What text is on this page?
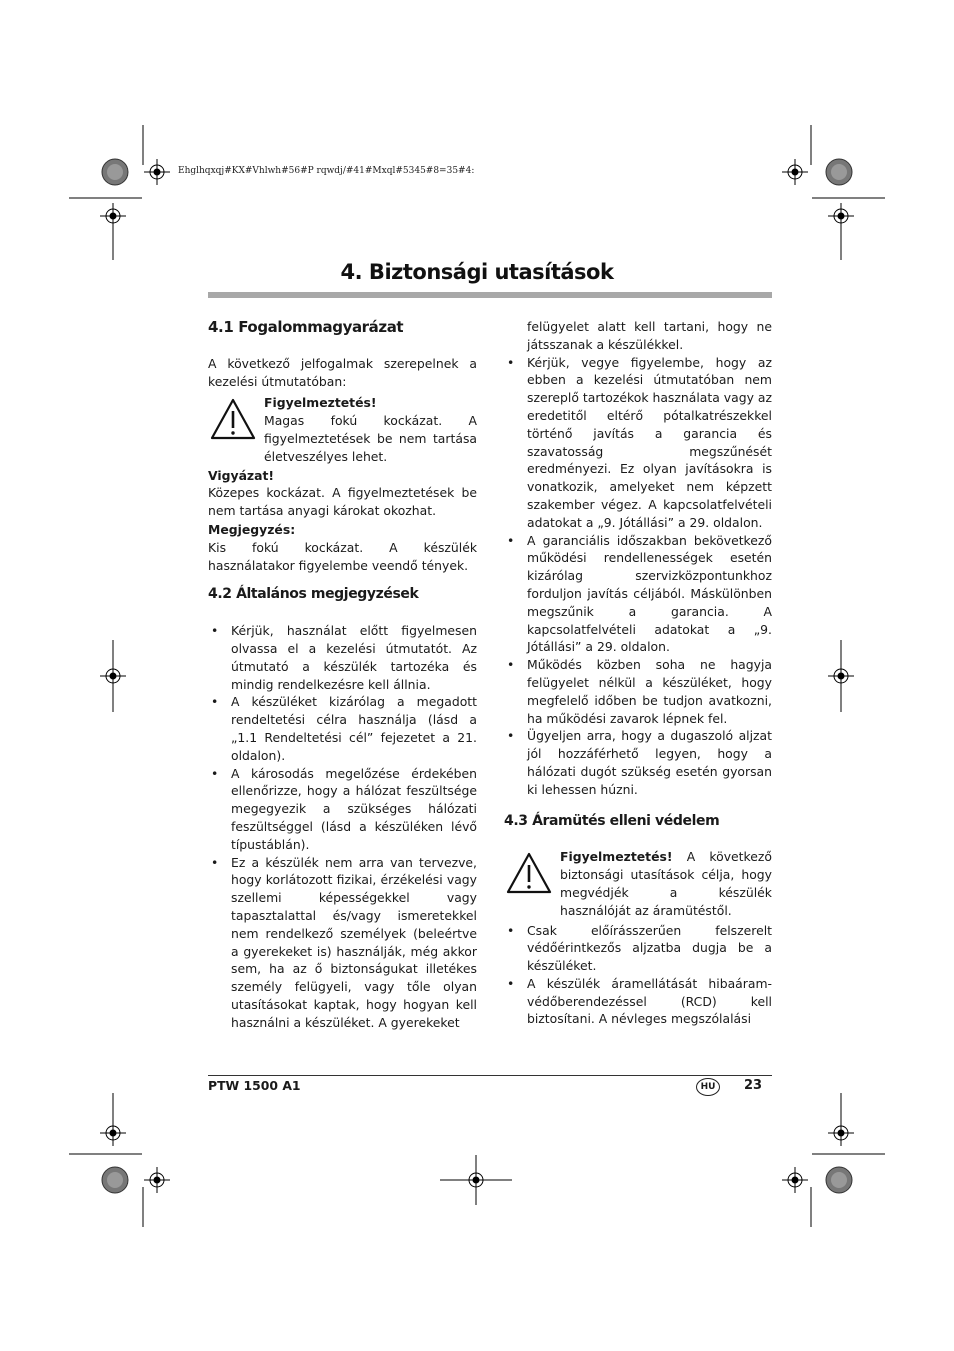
Ehglhqxqj#KX#Vhlwh#56#P rqwdj/#41#Mxql#5345#8=35#4:
4. Biztonsági utasítások
4.1 Fogalommagyarázat

A következő jelfogalmak szerepelnek a kezelési útmutatóban:

Figyelmeztetés!

Magas fokú kockázat. A figyelmeztetések be nem tartása életveszélyes lehet.

Vigyázat!

Közepes kockázat. A figyelmeztetések be nem tartása anyagi károkat okozhat.

Megjegyzés:

Kis fokú kockázat. A készülék használatakor figyelembe veendő tények.

4.2 Általános megjegyzések
• Kérjük, használat előtt figyelmesen olvassa el a kezelési útmutatót. Az útmutató a készülék tartozéka és mindig rendelkezésre kell állnia.
• A készüléket kizárólag a megadott rendeltetési célra használja (lásd a „1.1 Rendeltetési cél” fejezetet a 21. oldalon).
• A károsodás megelőzése érdekében ellenőrizze, hogy a hálózat feszültsége megegyezik a szükséges hálózati feszültséggel (lásd a készüléken lévő típustáblán).
• Ez a készülék nem arra van tervezve, hogy korlátozott fizikai, érzékelési vagy szellemi képességekkel vagy tapasztalattal és/vagy ismeretekkel nem rendelkező személyek (beleértve a gyerekeket is) használják, még akkor sem, ha az ő biztonságukat illetékes személy felügyeli, vagy tőle olyan utasításokat kaptak, hogy hogyan kell használni a készüléket. A gyerekeket
felügyelet alatt kell tartani, hogy ne játsszanak a készülékkel.
• Kérjük, vegye figyelembe, hogy az ebben a kezelési útmutatóban nem szereplő tartozékok használata vagy az eredetitől eltérő pótalkatrészekkel történő javítás a garancia és szavatosság megszűnését eredményezi. Ez olyan javításokra is vonatkozik, amelyeket nem képzett szakember végez. A kapcsolatfelvételi adatokat a „9. Jótállási” a 29. oldalon.
• A garanciális időszakban bekövetkező működési rendellenességek esetén kizárólag szervizközpontunkhoz forduljon javítás céljából. Máskülönben megszűnik a garancia. A kapcsolatfelvételi adatokat a „9. Jótállási” a 29. oldalon.
• Működés közben soha ne hagyja felügyelet nélkül a készüléket, hogy megfelelő időben be tudjon avatkozni, ha működési zavarok lépnek fel.
• Ügyeljen arra, hogy a dugaszoló aljzat jól hozzáférhető legyen, hogy a hálózati dugót szükség esetén gyorsan ki lehessen húzni.
4.3 Áramütés elleni védelem

Figyelmeztetés! A következő biztonsági utasítások célja, hogy megvédjék a készülék használóját az áramütéstől.

• Csak előírásszerűen felszerelt védőérintkezős aljzatba dugja be a készüléket.
• A készülék áramellátását hibaáram-védőberendezéssel (RCD) kell biztosítani. A névleges megszólalási
PTW 1500 A1	HU	23
